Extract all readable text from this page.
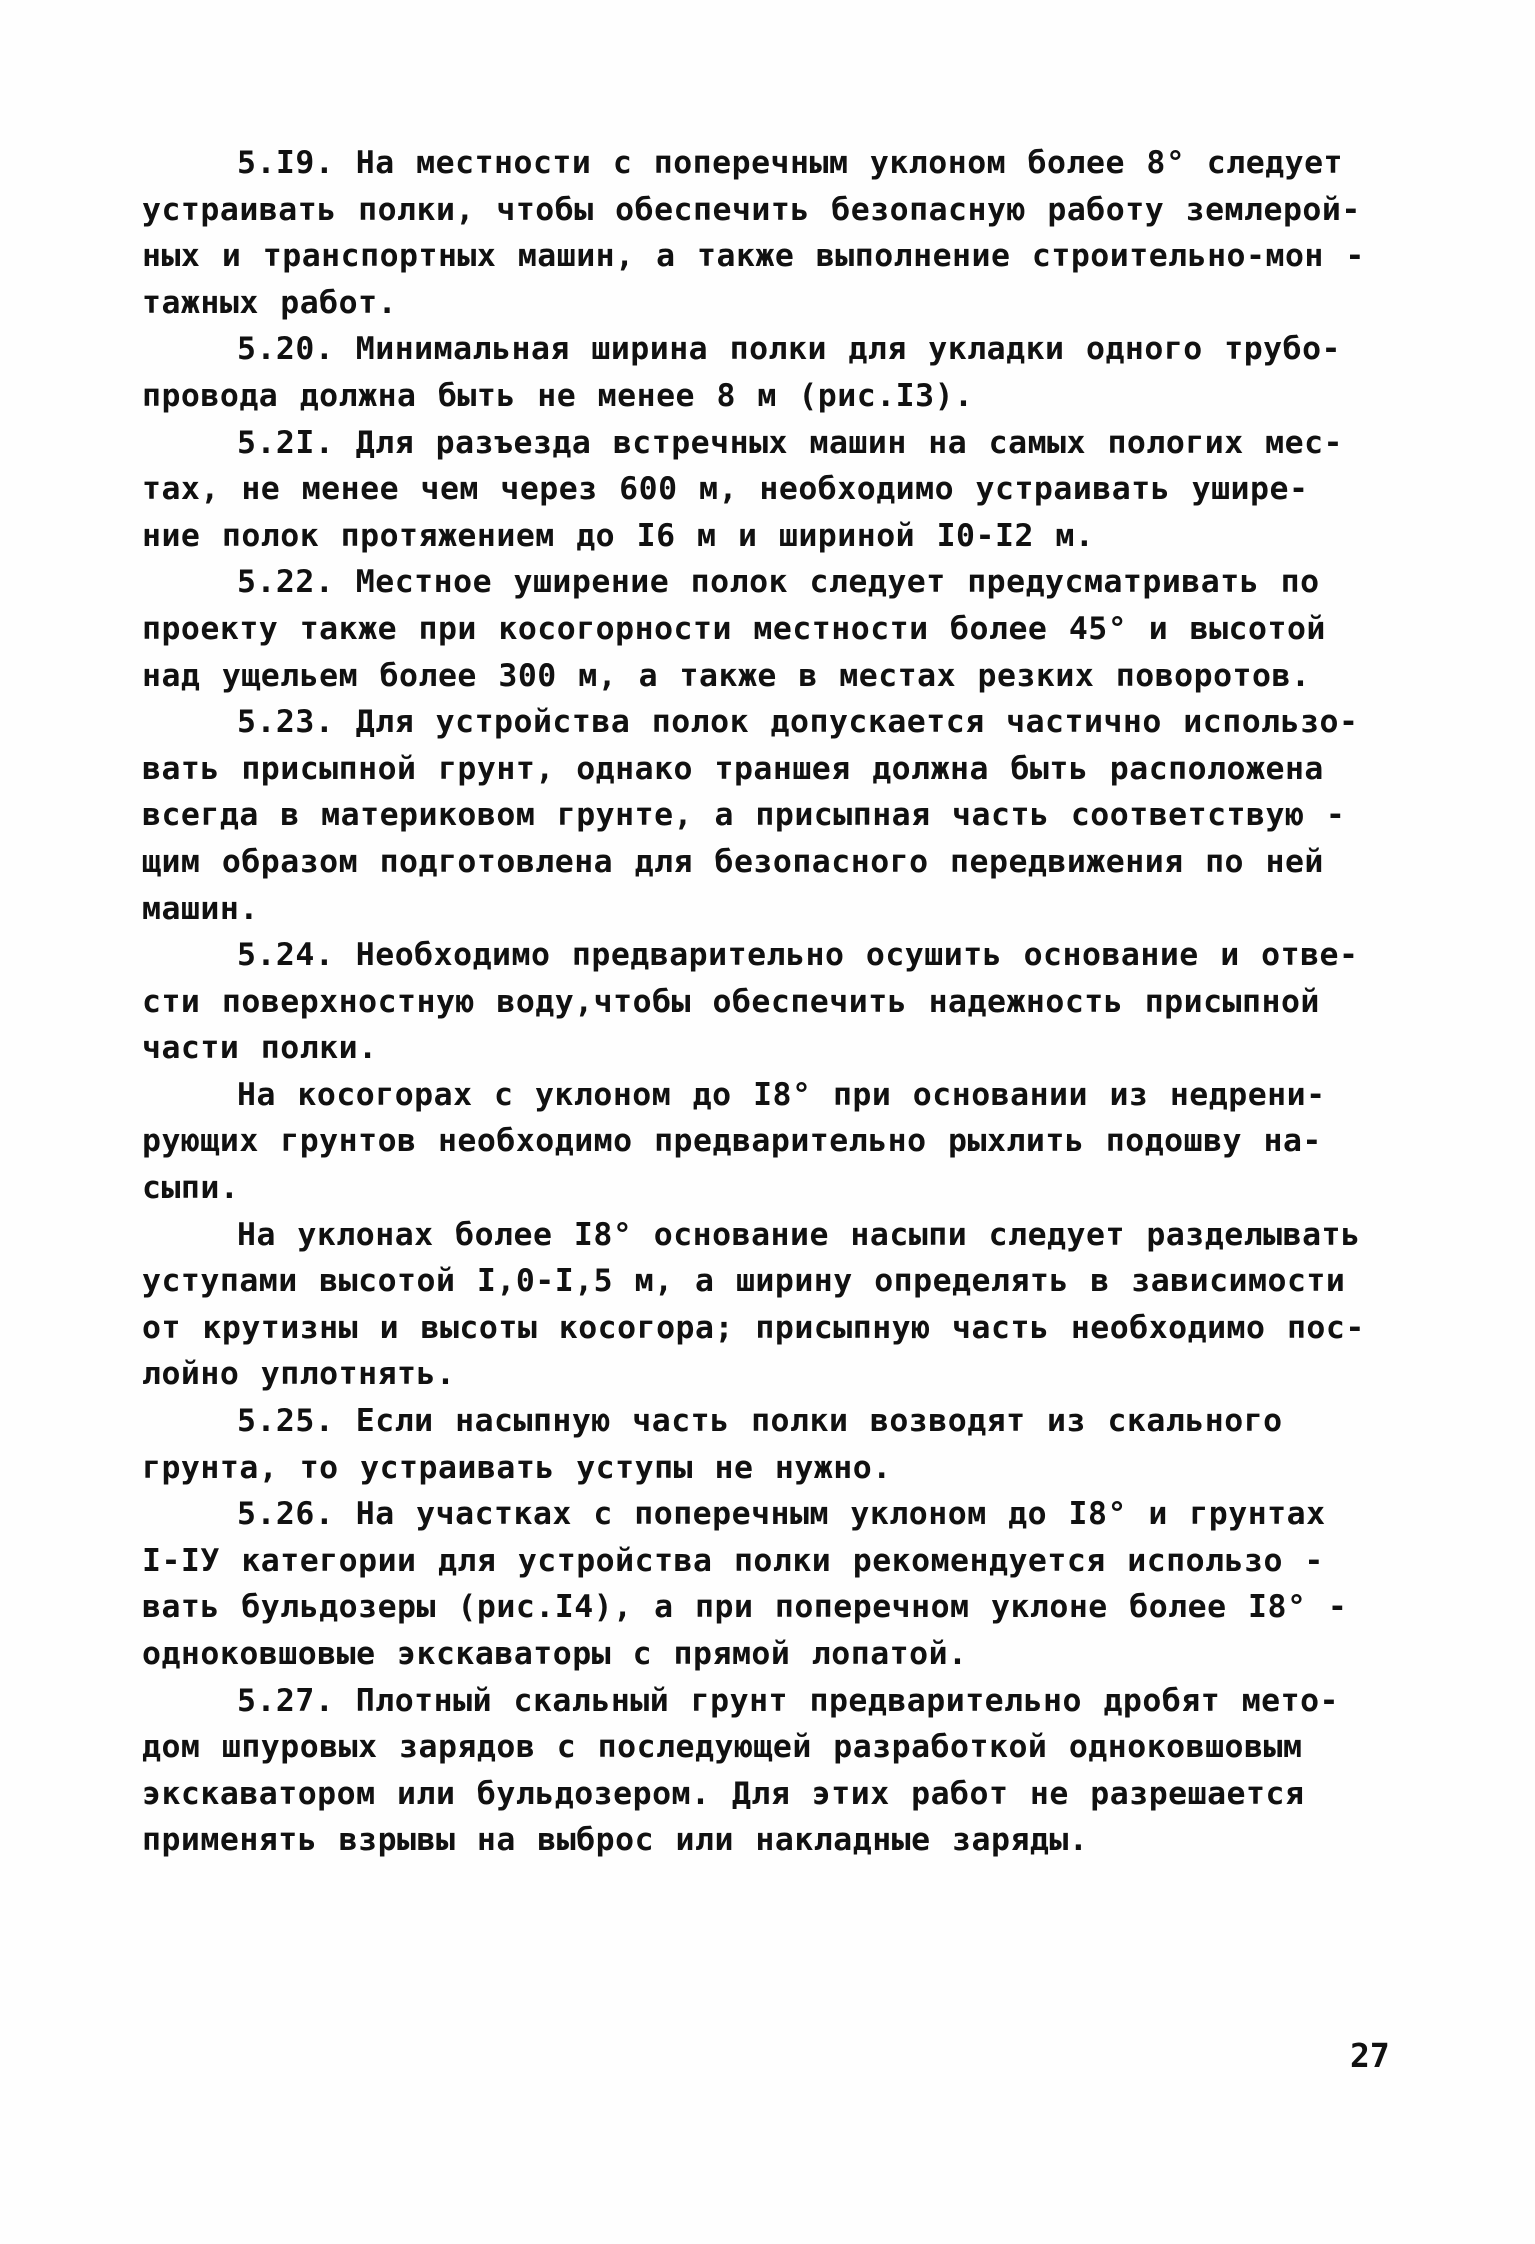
5.I9. На местности с поперечным уклоном более 8° следует
устраивать полки, чтобы обеспечить безопасную работу землерой-
ных и транспортных машин, а также выполнение строительно-мон -
тажных работ.
5.20. Минимальная ширина полки для укладки одного трубо-
провода должна быть не менее 8 м (рис.I3).
5.2I. Для разъезда встречных машин на самых пологих мес-
тах, не менее чем через 600 м, необходимо устраивать уширe-
ние полок протяжением до I6 м и шириной I0-I2 м.
5.22. Местное уширение полок следует предусматривать по
проекту также при косогорности местности более 45° и высотой
над ущельем более 300 м, а также в местах резких поворотов.
5.23. Для устройства полок допускается частично использо-
вать присыпной грунт, однако траншея должна быть расположена
всегда в материковом грунте, а присыпная часть соответствую -
щим образом подготовлена для безопасного передвижения по ней
машин.
5.24. Необходимо предварительно осушить основание и отве-
сти поверхностную воду,чтобы обеспечить надежность присыпной
части полки.
На косогорах с уклоном до I8° при основании из недрени-
рующих грунтов необходимо предварительно рыхлить подошву на-
сыпи.
На уклонах более I8° основание насыпи следует разделывать
уступами высотой I,0-I,5 м, а ширину определять в зависимости
от крутизны и высоты косогора; присыпную часть необходимо пос-
лойно уплотнять.
5.25. Если насыпную часть полки возводят из скального
грунта, то устраивать уступы не нужно.
5.26. На участках с поперечным уклоном до I8° и грунтах
I-IУ категории для устройства полки рекомендуется использо -
вать бульдозеры (рис.I4), а при поперечном уклоне более I8° -
одноковшовые экскаваторы с прямой лопатой.
5.27. Плотный скальный грунт предварительно дробят мето-
дом шпуровых зарядов с последующей разработкой одноковшовым
экскаватором или бульдозером. Для этих работ не разрешается
применять взрывы на выброс или накладные заряды.
27
